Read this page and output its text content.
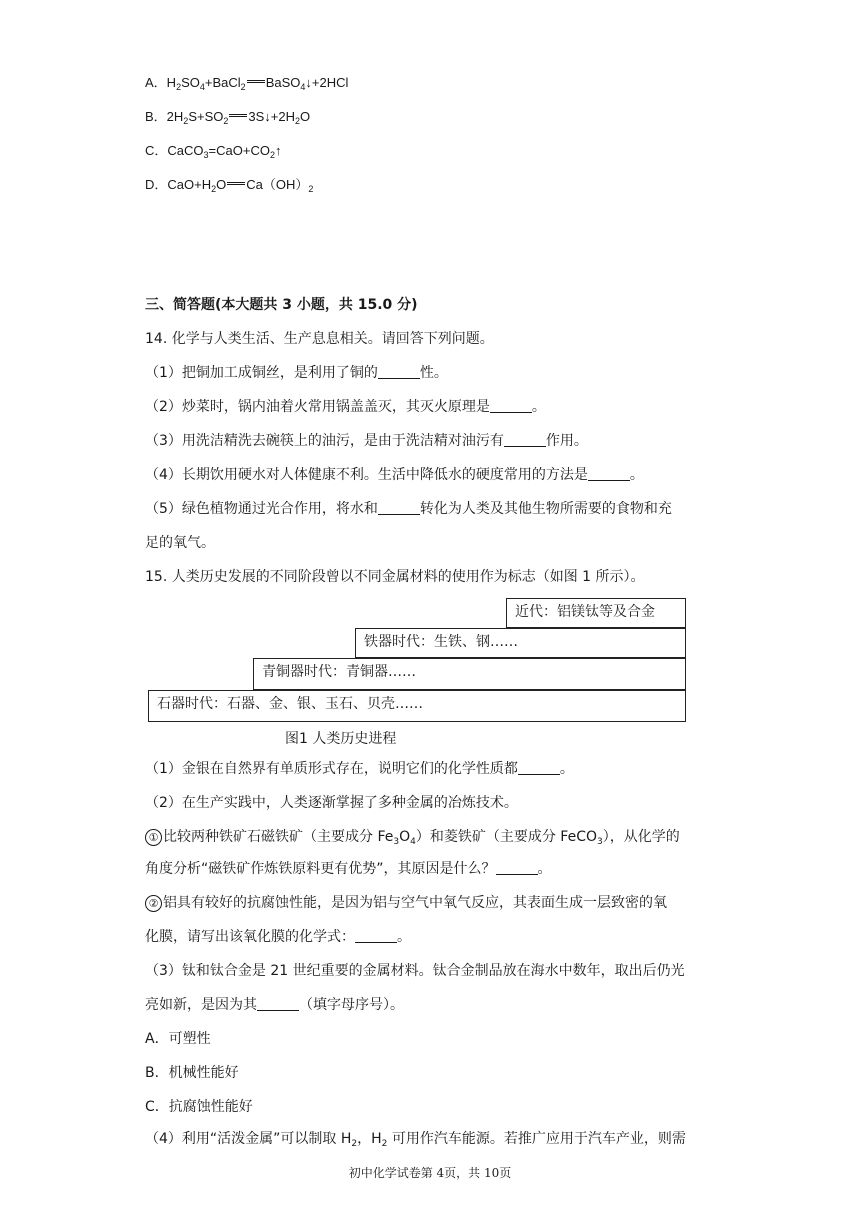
A．$H_2SO_4+BaCl_2$ BaSO$_4$↓+2HCl
B．$2H_2S+SO_2$ $3S↓+2H_2O$
C．$CaCO_3=CaO+CO_2↑$
D．$CaO+H_2O$ $Ca(OH)_2$
三、简答题(本大题共 3 小题，共 15.0 分)
14. 化学与人类生活、生产息息相关。请回答下列问题。
（1）把铜加工成铜丝，是利用了铜的	性。
（2）炒菜时，锅内油着火常用锅盖盖灭，其灭火原理是	。
（3）用洗洁精洗去碗筷上的油污，是由于洗洁精对油污有	作用。
（4）长期饮用硬水对人体健康不利。生活中降低水的硬度常用的方法是	。
（5）绿色植物通过光合作用，将水和	转化为人类及其他生物所需要的食物和充
足的氧气。
15. 人类历史发展的不同阶段曾以不同金属材料的使用作为标志（如图 1 所示）。
近代：铝镁钛等及合金
铁器时代：生铁、钢……
青铜器时代：青铜器……
石器时代：石器、金、银、玉石、贝壳……
图1 人类历史进程
（1）金银在自然界有单质形式存在，说明它们的化学性质都	。
（2）在生产实践中，人类逐渐掌握了多种金属的冶炼技术。
① 比较两种铁矿石磁铁矿（主要成分 $Fe_3O_4$）和菱铁矿（主要成分 FeCO$_3$），从化学的
角度分析“磁铁矿作炼铁原料更有优势”，其原因是什么？	。
② 铝具有较好的抗腐蚀性能，是因为铝与空气中氧气反应，其表面生成一层致密的氧
化膜，请写出该氧化膜的化学式：	。
（3）钛和钛合金是 21 世纪重要的金属材料。钛合金制品放在海水中数年，取出后仍光
亮如新，是因为其	（填字母序号）。
A．可塑性
B．机械性能好
C．抗腐蚀性能好
（4）利用“活泼金属”可以制取 $H_2$，$H_2$ 可用作汽车能源。若推广应用于汽车产业，则需
初中化学试卷第 4页，共 10页
